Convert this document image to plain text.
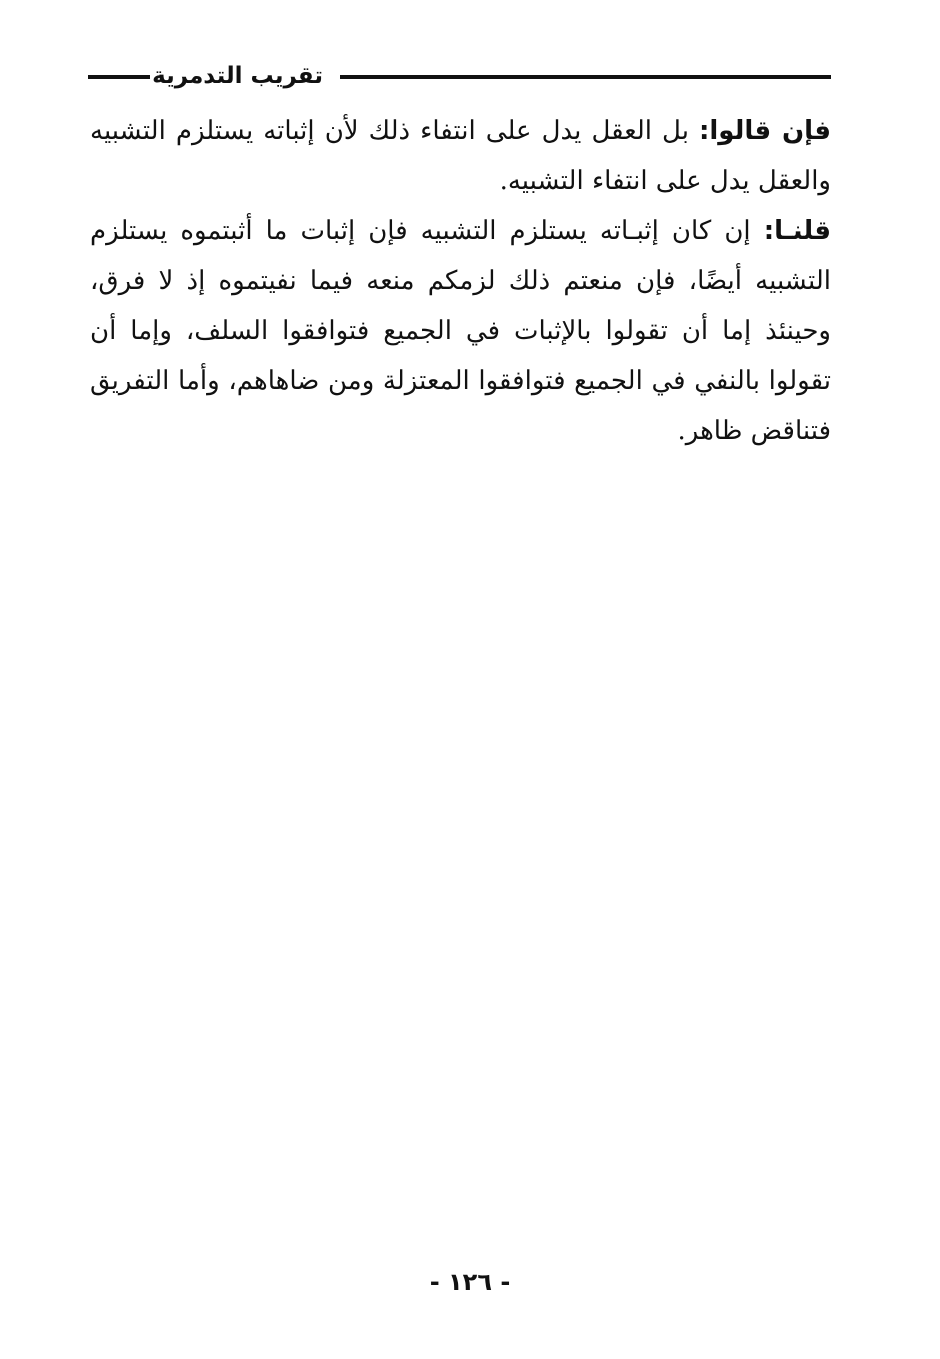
تقريب التدمرية

فإن قالوا: بل العقل يدل على انتفاء ذلك لأن إثباته يستلزم التشبيه والعقل يدل على انتفاء التشبيه.

قلنـا: إن كان إثبـاته يستلزم التشبيه فإن إثبات ما أثبتموه يستلزم التشبيه أيضًا، فإن منعتم ذلك لزمكم منعه فيما نفيتموه إذ لا فرق، وحينئذ إما أن تقولوا بالإثبات في الجميع فتوافقوا السلف، وإما أن تقولوا بالنفي في الجميع فتوافقوا المعتزلة ومن ضاهاهم، وأما التفريق فتناقض ظاهر.

- ١٢٦ -
